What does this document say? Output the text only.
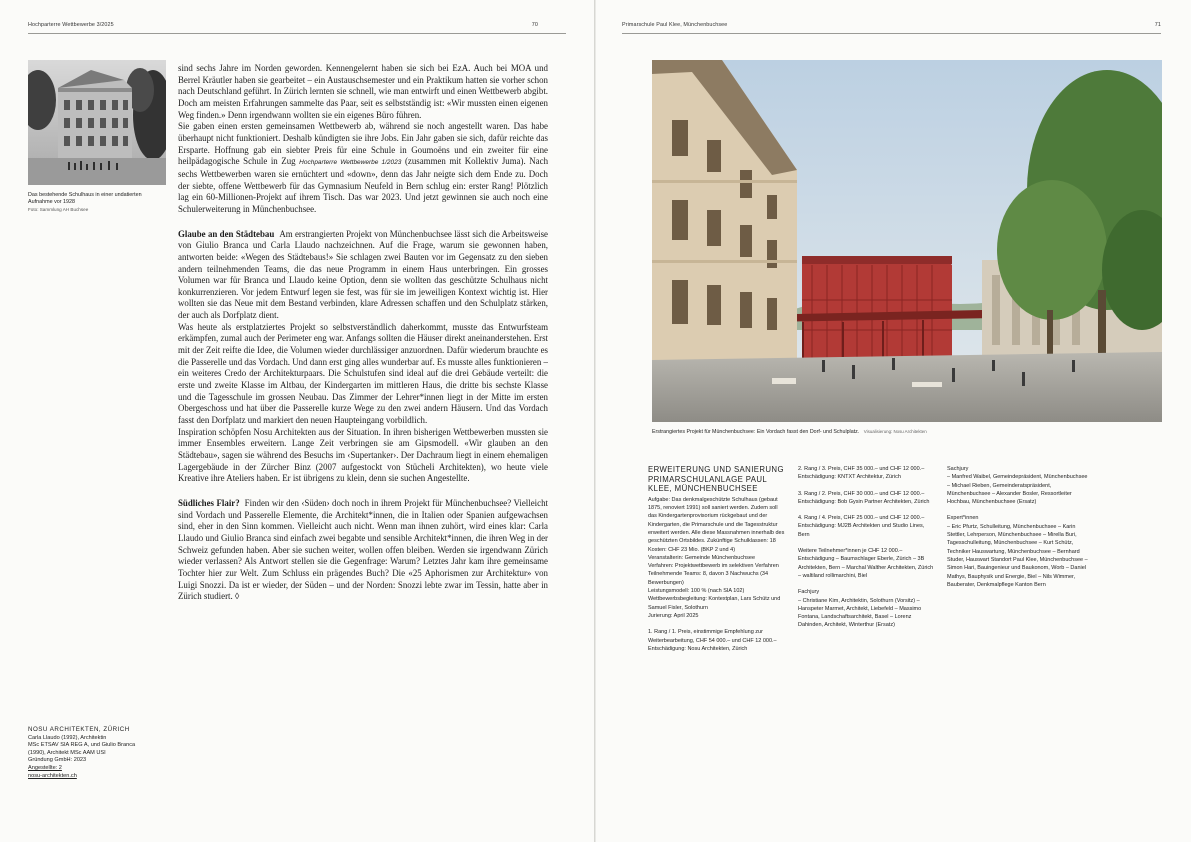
Hochparterre Wettbewerbe 3/2025	70
Das bestehende Schulhaus in einer undatierten Aufnahme vor 1928
Foto: Sammlung AH Buchsee
NOSU ARCHITEKTEN, ZÜRICH
Carla Llaudo (1992), Architektin
MSc ETSAV SIA REG A, und Giulio Branca
(1990), Architekt MSc AAM USI
Gründung GmbH: 2023
Angestellte: 2
nosu-architekten.ch

sind sechs Jahre im Norden geworden. Kennengelernt haben sie sich bei EzA. Auch bei MOA und Berrel Kräutler haben sie gearbeitet – ein Austauschsemester und ein Praktikum hatten sie vorher schon nach Deutschland geführt. In Zürich lernten sie schnell, wie man entwirft und einen Wettbewerb abgibt. Doch am meisten Erfahrungen sammelte das Paar, seit es selbstständig ist: «Wir mussten einen eigenen Weg finden.» Denn irgendwann wollten sie ein eigenes Büro führen.

Sie gaben einen ersten gemeinsamen Wettbewerb ab, während sie noch angestellt waren. Das habe überhaupt nicht funktioniert. Deshalb kündigten sie ihre Jobs. Ein Jahr gaben sie sich, dafür reichte das Ersparte. Hoffnung gab ein siebter Preis für eine Schule in Goumoëns und ein zweiter für eine heilpädagogische Schule in Zug Hochparterre Wettbewerbe 1/2023 (zusammen mit Kollektiv Juma). Nach sechs Wettbewerben waren sie ernüchtert und «down», denn das Jahr neigte sich dem Ende zu. Doch der siebte, offene Wettbewerb für das Gymnasium Neufeld in Bern schlug ein: erster Rang! Plötzlich lag ein 60-Millionen-Projekt auf ihrem Tisch. Das war 2023. Und jetzt gewinnen sie auch noch eine Schulerweiterung in Münchenbuchsee.

Glaube an den Städtebau Am erstrangierten Projekt von Münchenbuchsee lässt sich die Arbeitsweise von Giulio Branca und Carla Llaudo nachzeichnen. Auf die Frage, warum sie gewonnen haben, antworten beide: «Wegen des Städtebaus!» Sie schlagen zwei Bauten vor im Gegensatz zu den sieben andern teilnehmenden Teams, die das neue Programm in einem Haus unterbringen. Ein grosses Volumen war für Branca und Llaudo keine Option, denn sie wollten das geschützte Schulhaus nicht konkurrenzieren. Vor jedem Entwurf legen sie fest, was für sie im jeweiligen Kontext wichtig ist. Hier wollten sie das Neue mit dem Bestand verbinden, klare Adressen schaffen und den Schulplatz stärken, der auch als Dorfplatz dient.

Was heute als erstplatziertes Projekt so selbstverständlich daherkommt, musste das Entwurfsteam erkämpfen, zumal auch der Perimeter eng war. Anfangs sollten die Häuser direkt aneinanderstehen. Erst mit der Zeit reifte die Idee, die Volumen wieder durchlässiger anzuordnen. Dafür wiederum brauchte es die Passerelle und das Vordach. Und dann erst ging alles wunderbar auf. Es musste alles funktionieren – ein weiteres Credo der Architekturpaars. Die Schulstufen sind ideal auf die drei Gebäude verteilt: die erste und zweite Klasse im Altbau, der Kindergarten im mittleren Haus, die dritte bis sechste Klasse und die Tagesschule im grossen Neubau. Das Zimmer der Lehrer*innen liegt in der Mitte im ersten Obergeschoss und hat über die Passerelle kurze Wege zu den zwei andern Häusern. Und das Vordach fasst den Dorfplatz und markiert den neuen Haupteingang vorbildlich.

Inspiration schöpfen Nosu Architekten aus der Situation. In ihren bisherigen Wettbewerben mussten sie immer Ensembles erweitern. Lange Zeit verbringen sie am Gipsmodell. «Wir glauben an den Städtebau», sagen sie während des Besuchs im ‹Supertanker›. Der Dachraum liegt in einem ehemaligen Lagergebäude in der Zürcher Binz (2007 aufgestockt von Stücheli Architekten), wo heute viele Kreative ihre Ateliers haben. Er ist übrigens zu klein, denn sie suchen Angestellte.

Südliches Flair? Finden wir den ‹Süden› doch noch in ihrem Projekt für Münchenbuchsee? Vielleicht sind Vordach und Passerelle Elemente, die Architekt*innen, die in Italien oder Spanien aufgewachsen sind, eher in den Sinn kommen. Vielleicht auch nicht. Wenn man ihnen zuhört, wird eines klar: Carla Llaudo und Giulio Branca sind einfach zwei begabte und sensible Architekt*innen, die ihren Weg in der Schweiz gefunden haben. Aber sie suchen weiter, wollen offen bleiben. Werden sie irgendwann Zürich wieder verlassen? Als Antwort stellen sie die Gegenfrage: Warum? Letztes Jahr kam ihre gemeinsame Tochter hier zur Welt. Zum Schluss ein prägendes Buch? Die «25 Aphorismen zur Architektur» von Luigi Snozzi. Da ist er wieder, der Süden – und der Norden: Snozzi lebte zwar im Tessin, hatte aber in Zürich studiert. ◊

Primarschule Paul Klee, Münchenbuchsee	71
Erstrangiertes Projekt für Münchenbuchsee: Ein Vordach fasst den Dorf- und Schulplatz. Visualisierung: Nosu Architekten
ERWEITERUNG UND SANIERUNG PRIMARSCHULANLAGE PAUL KLEE, MÜNCHENBUCHSEE

Aufgabe: Das denkmalgeschützte Schulhaus (gebaut 1875, renoviert 1991) soll saniert werden. Zudem soll das Kindergartenprovisorium rückgebaut und der Kindergarten, die Primarschule und die Tagesstruktur erweitert werden. Alle diese Massnahmen innerhalb des geschützten Ortsbildes. Zukünftige Schulklassen: 18

Kosten: CHF 23 Mio. (BKP 2 und 4)

Veranstalterin: Gemeinde Münchenbuchsee

Verfahren: Projektwettbewerb im selektiven Verfahren

Teilnehmende Teams: 8, davon 3 Nachwuchs (34 Bewerbungen)

Leistungsmodell: 100 % (nach SIA 102)

Wettbewerbsbegleitung: Kontextplan, Lars Schütz und Samuel Fisler, Solothurn

Jurierung: April 2025

1. Rang / 1. Preis, einstimmige Empfehlung zur Weiterbearbeitung, CHF 54 000.– und CHF 12 000.– Entschädigung: Nosu Architekten, Zürich

2. Rang / 3. Preis, CHF 35 000.– und CHF 12 000.– Entschädigung: KNTXT Architektur, Zürich

3. Rang / 2. Preis, CHF 30 000.– und CHF 12 000.– Entschädigung: Bob Gysin Partner Architekten, Zürich

4. Rang / 4. Preis, CHF 25 000.– und CHF 12 000.– Entschädigung: MJ2B Architekten und Studio Lines, Bern

Weitere Teilnehmer*innen je CHF 12 000.– Entschädigung – Baumschlager Eberle, Zürich – 3B Architekten, Bern – Marchal Walther Architekten, Zürich – waltiland rollimarchini, Biel

Fachjury

– Christiane Kim, Architektin, Solothurn (Vorsitz) – Hanspeter Marmet, Architekt, Liebefeld – Massimo Fontana, Landschaftsarchitekt, Basel – Lorenz Dahinden, Architekt, Winterthur (Ersatz)

Sachjury

– Manfred Waibel, Gemeindepräsident, Münchenbuchsee – Michael Rieben, Gemeinderatspräsident, Münchenbuchsee – Alexander Bosler, Ressortleiter Hochbau, Münchenbuchsee (Ersatz)

Expert*innen

– Eric Pfurtz, Schulleitung, Münchenbuchsee – Karin Stettler, Lehrperson, Münchenbuchsee – Mirella Buri, Tagesschulleitung, Münchenbuchsee – Kurt Schütz, Techniker Hauswartung, Münchenbuchsee – Bernhard Studer, Hauswart Standort Paul Klee, Münchenbuchsee – Simon Hari, Bauingenieur und Baukonom, Worb – Daniel Mathys, Bauphysik und Energie, Biel – Nils Wimmer, Bauberater, Denkmalpflege Kanton Bern
